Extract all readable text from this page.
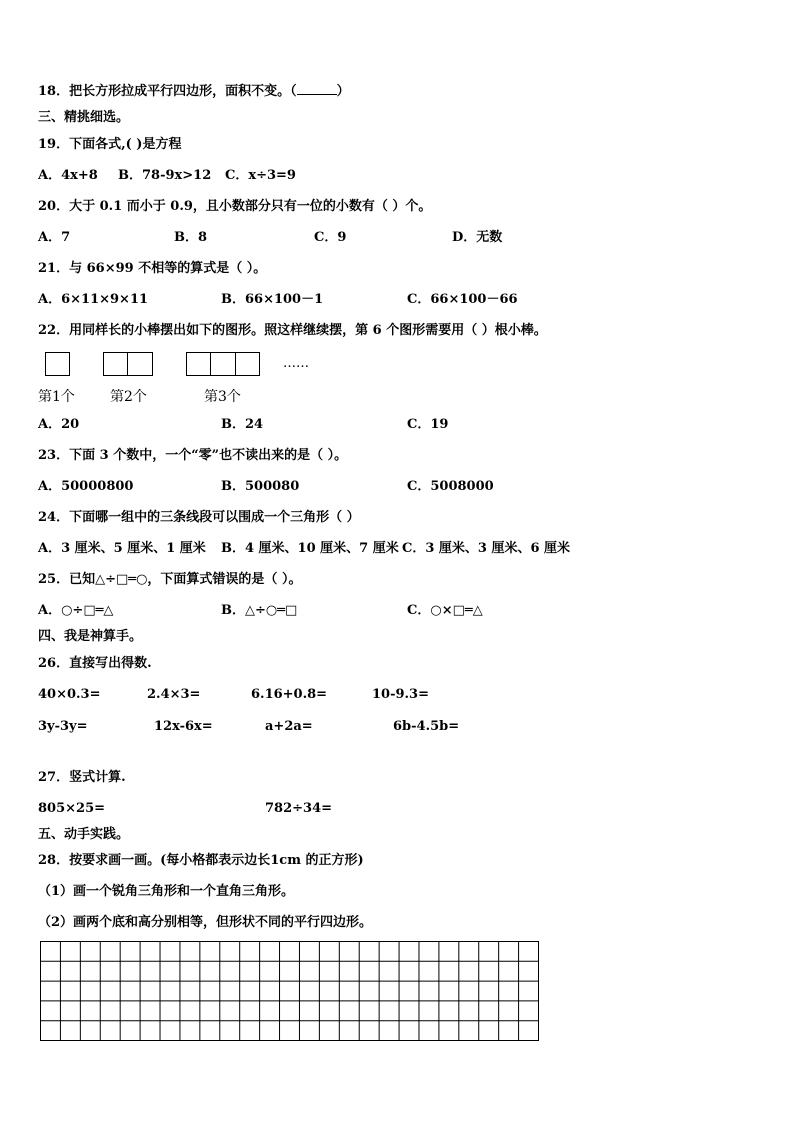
18．把长方形拉成平行四边形，面积不变。（	）
三、精挑细选。
19．下面各式,( )是方程
A．4x+8 B．78-9x>12 C．x÷3=9
20．大于 0.1 而小于 0.9，且小数部分只有一位的小数有（ ）个。
A．7	B．8	C．9	D．无数
21．与 66×99 不相等的算式是（ ）。
A．6×11×9×11	B．66×100－1	C．66×100－66
22．用同样长的小棒摆出如下的图形。照这样继续摆，第 6 个图形需要用（ ）根小棒。
……
第1个	第2个	第3个
A．20	B．24	C．19
23．下面 3 个数中，一个“零”也不读出来的是（ ）。
A．50000800	B．500080	C．5008000
24．下面哪一组中的三条线段可以围成一个三角形（ ）
A．3 厘米、5 厘米、1 厘米 B．4 厘米、10 厘米、7 厘米 C．3 厘米、3 厘米、6 厘米
25．已知△÷□═○，下面算式错误的是（ ）。
A．○÷□═△	B．△÷○═□	C．○×□═△
四、我是神算手。
26．直接写出得数.
40×0.3=	2.4×3=	6.16+0.8=	10-9.3=
3y-3y=	12x-6x=	a+2a=	6b-4.5b=
27．竖式计算.
805×25=	782÷34=
五、动手实践。
28．按要求画一画。(每小格都表示边长1cm 的正方形)
（1）画一个锐角三角形和一个直角三角形。
（2）画两个底和高分别相等，但形状不同的平行四边形。
